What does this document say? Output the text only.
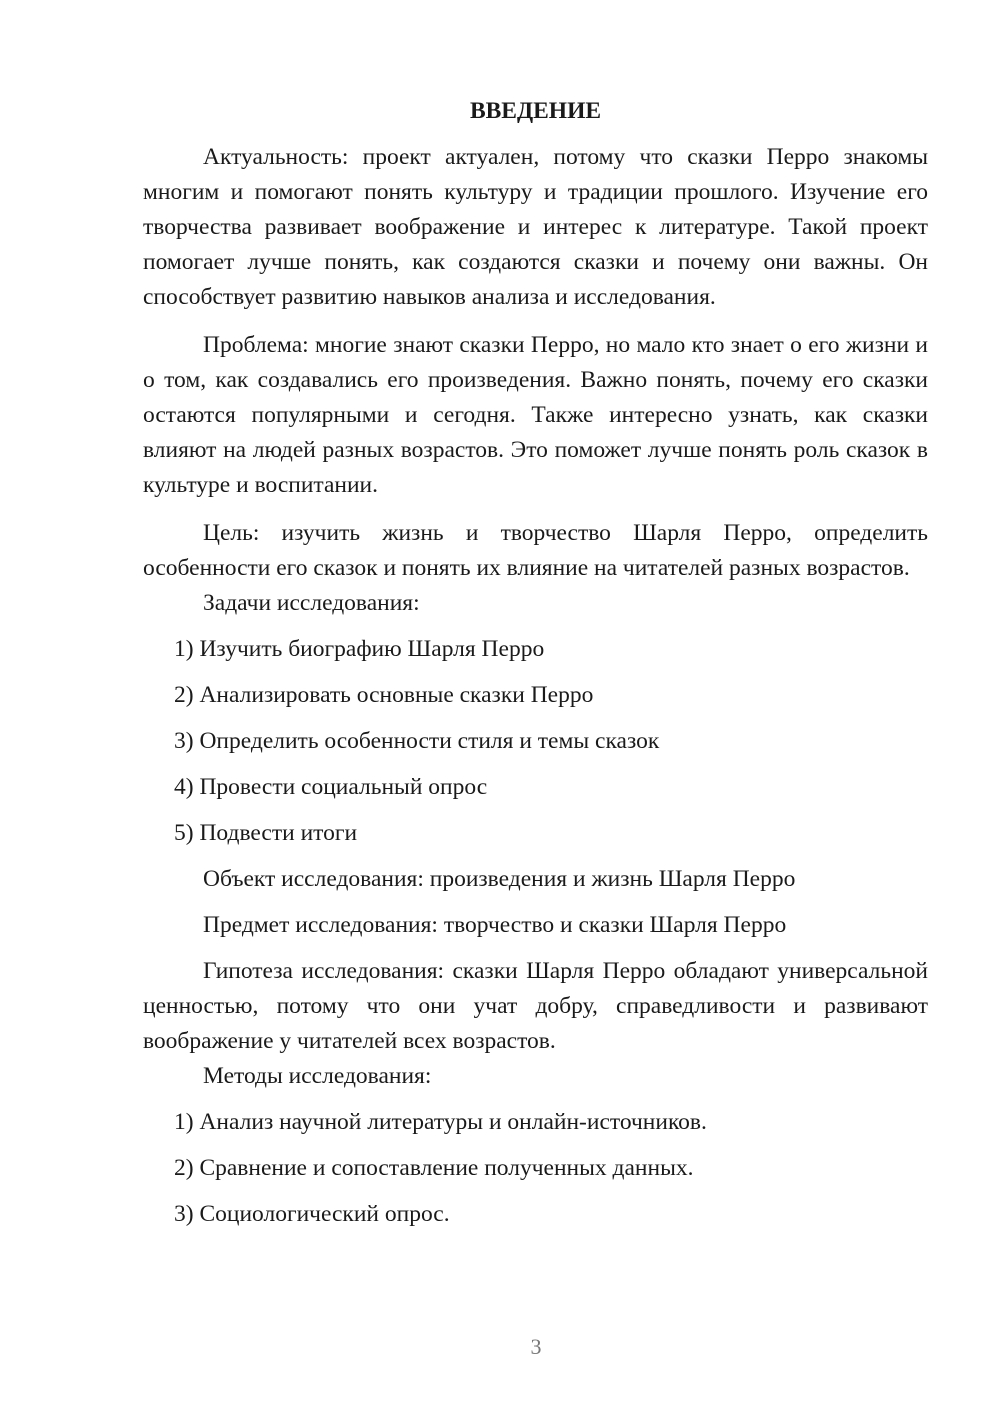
ВВЕДЕНИЕ

Актуальность: проект актуален, потому что сказки Перро знакомы многим и помогают понять культуру и традиции прошлого. Изучение его творчества развивает воображение и интерес к литературе. Такой проект помогает лучше понять, как создаются сказки и почему они важны. Он способствует развитию навыков анализа и исследования.

Проблема: многие знают сказки Перро, но мало кто знает о его жизни и о том, как создавались его произведения. Важно понять, почему его сказки остаются популярными и сегодня. Также интересно узнать, как сказки влияют на людей разных возрастов. Это поможет лучше понять роль сказок в культуре и воспитании.

Цель: изучить жизнь и творчество Шарля Перро, определить особенности его сказок и понять их влияние на читателей разных возрастов.

Задачи исследования:
1) Изучить биографию Шарля Перро
2) Анализировать основные сказки Перро
3) Определить особенности стиля и темы сказок
4) Провести социальный опрос
5) Подвести итоги
Объект исследования: произведения и жизнь Шарля Перро
Предмет исследования: творчество и сказки Шарля Перро

Гипотеза исследования: сказки Шарля Перро обладают универсальной ценностью, потому что они учат добру, справедливости и развивают воображение у читателей всех возрастов.

Методы исследования:
1) Анализ научной литературы и онлайн-источников.
2) Сравнение и сопоставление полученных данных.
3) Социологический опрос.
3
